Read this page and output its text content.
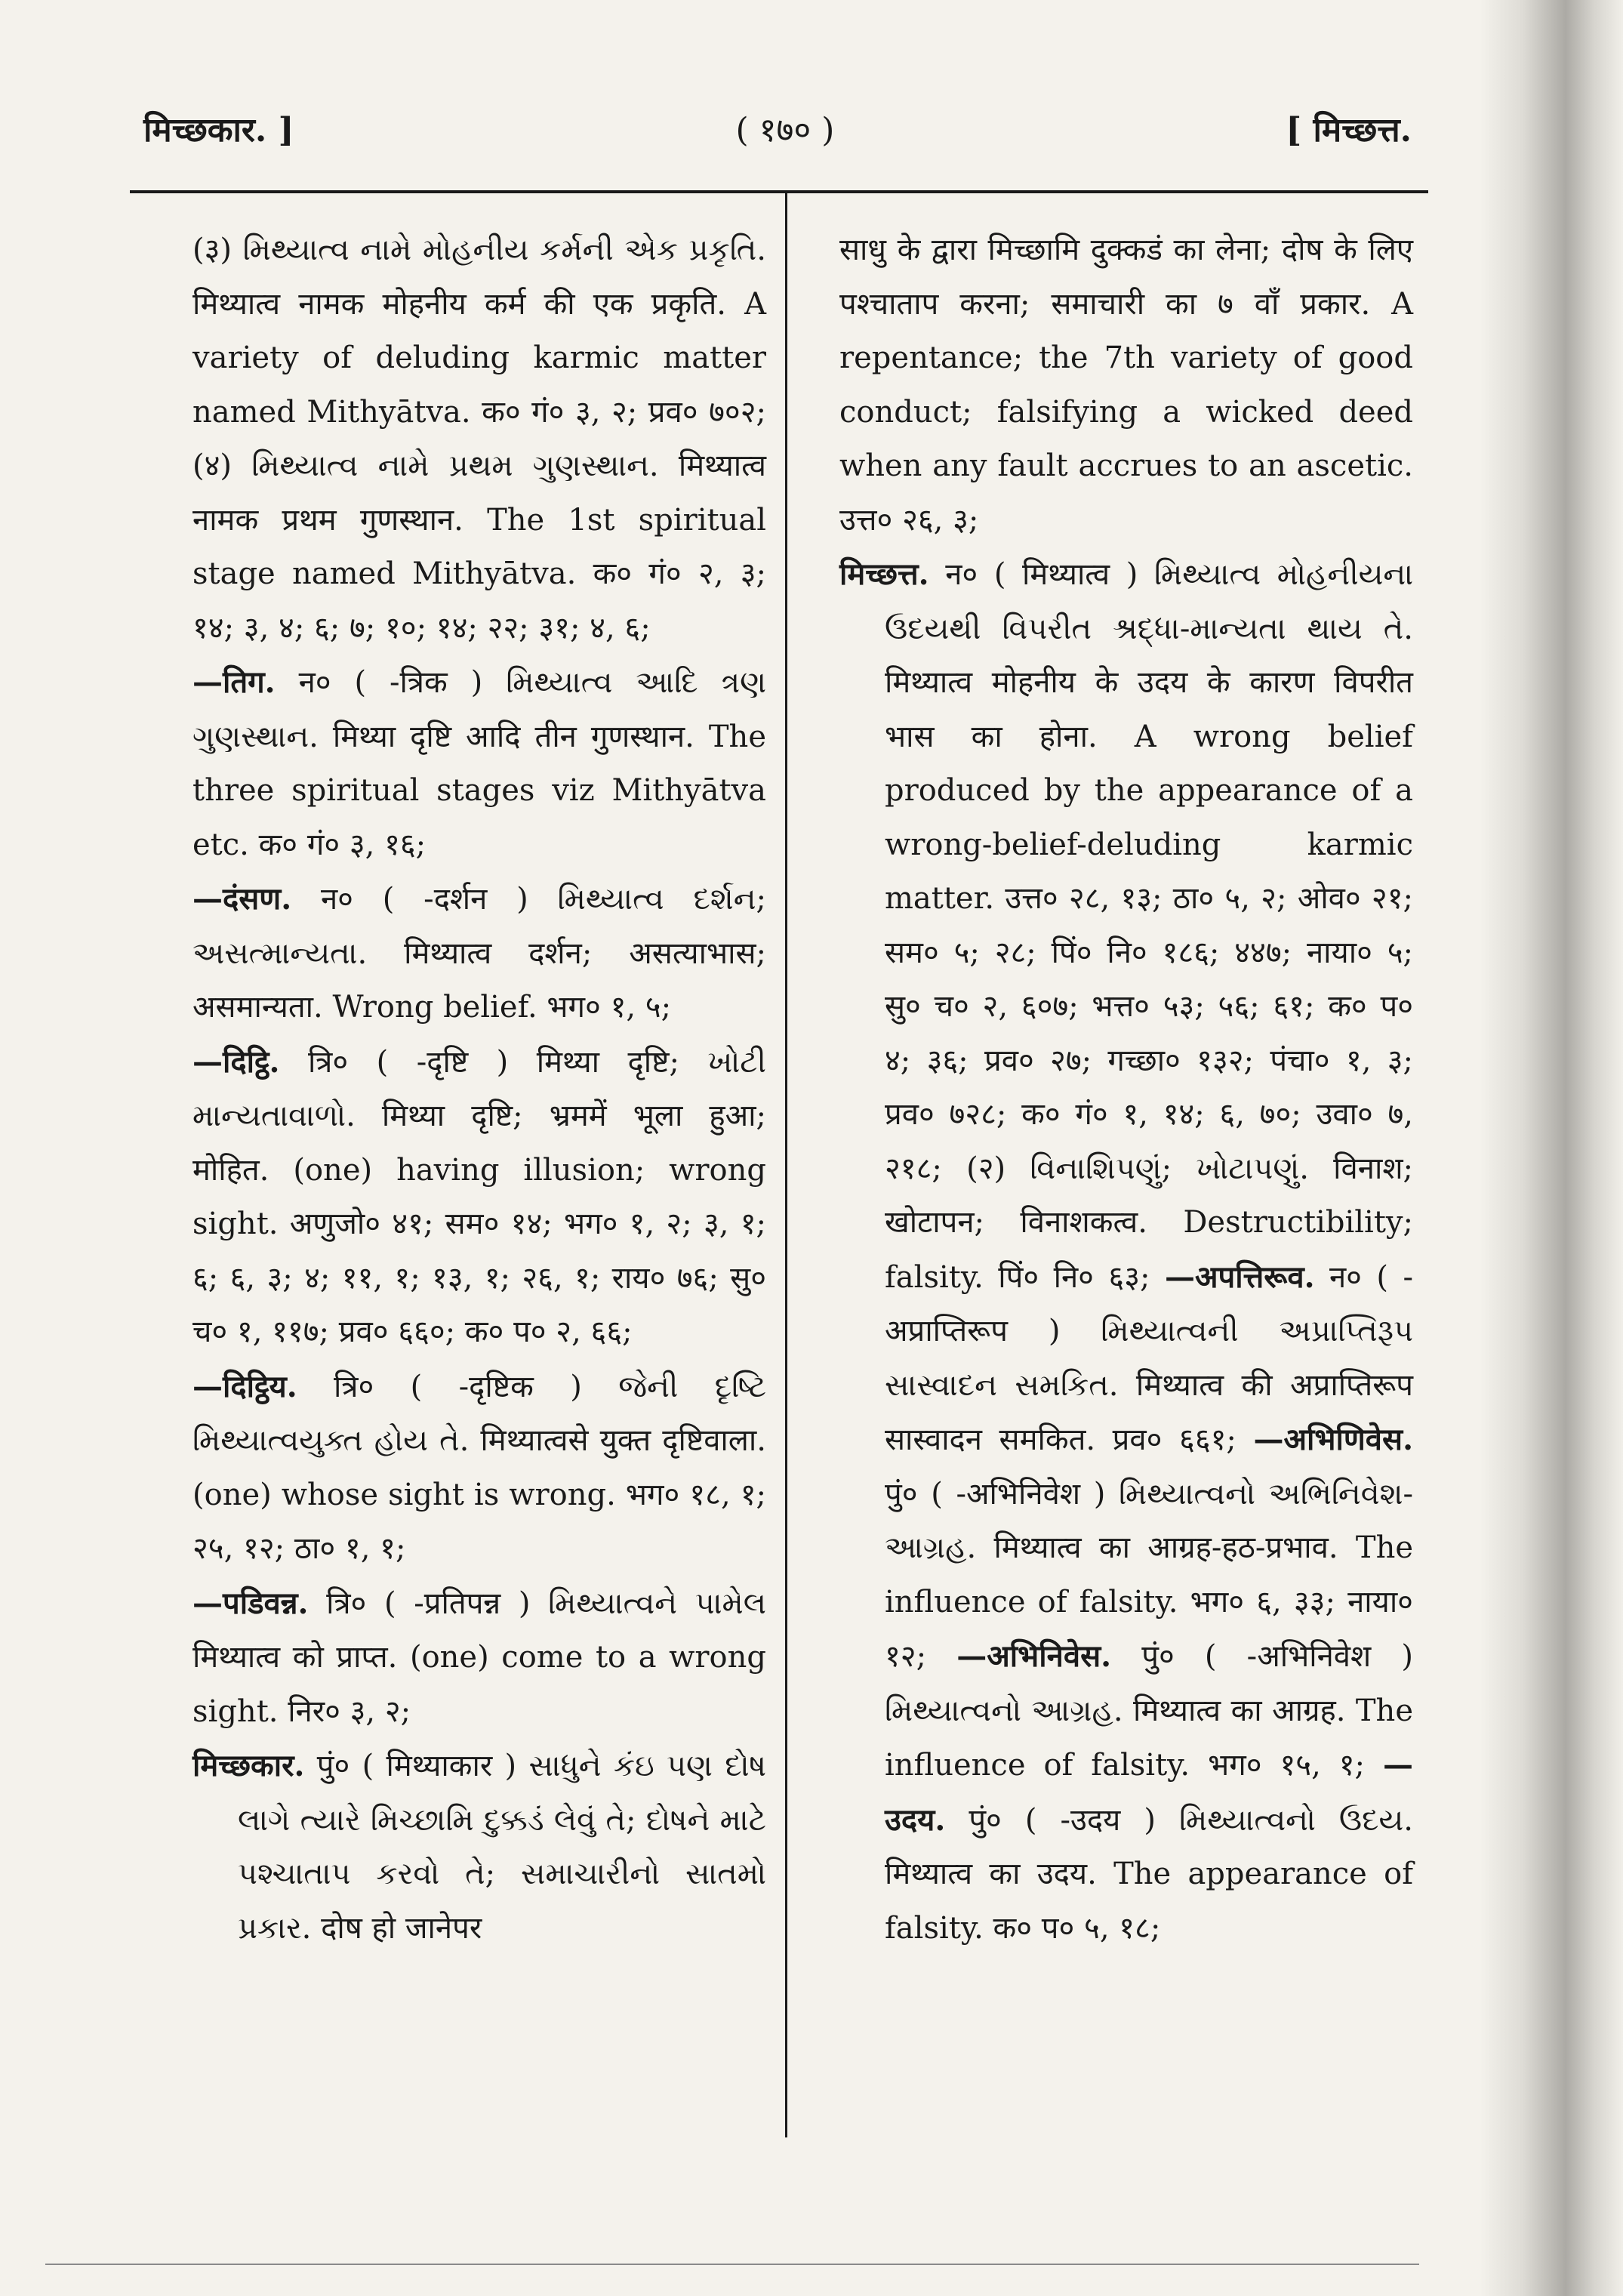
मिच्छकार. ]	( १७० )	[ मिच्छत्त.

(३) મિથ્યાત્વ નામે મોહનીય કર્મની એક પ્રકૃતિ. मिथ्यात्व नामक मोहनीय कर्म की एक प्रकृति. A variety of deluding karmic matter named Mithyātva. क० गं० ३, २; प्रव० ७०२; (४) મિથ્યાત્વ નામે પ્રથમ ગુણસ્થાન. मिथ्यात्व नामक प्रथम गुणस्थान. The 1st spiritual stage named Mithyātva. क० गं० २, ३; १४; ३, ४; ६; ७; १०; १४; २२; ३१; ४, ६;

—तिग. न० ( -त्रिक ) મિથ્યાત્વ આદિ ત્રણ ગુણસ્થાન. मिथ्या दृष्टि आदि तीन गुणस्थान. The three spiritual stages viz Mithyātva etc. क० गं० ३, १६;

—दंसण. न० ( -दर्शन ) મિથ્યાત્વ દર્શન; અસત્માન્યતા. मिथ्यात्व दर्शन; असत्याभास; असमान्यता. Wrong belief. भग० १, ५;

—दिट्ठि. त्रि० ( -दृष्टि ) मिथ्या दृष्टि; ખોટી માન્યતાવાળો. मिथ्या दृष्टि; भ्रममें भूला हुआ; मोहित. (one) having illusion; wrong sight. अणुजो० ४१; सम० १४; भग० १, २; ३, १; ६; ६, ३; ४; ११, १; १३, १; २६, १; राय० ७६; सु० च० १, ११७; प्रव० ६६०; क० प० २, ६६;

—दिट्ठिय. त्रि० ( -दृष्टिक ) જેની દૃષ્ટિ મિથ્યાત્વયુક્ત હોય તે. मिथ्यात्वसे युक्त दृष्टिवाला. (one) whose sight is wrong. भग० १८, १; २५, १२; ठा० १, १;

—पडिवन्न. त्रि० ( -प्रतिपन्न ) મિથ્યાત્વને પામેલ मिथ्यात्व को प्राप्त. (one) come to a wrong sight. निर० ३, २;

मिच्छकार. पुं० ( मिथ्याकार ) સાધુને કંઇ પણ દોષ લાગે ત્યારે મિચ્છામિ દુક્કડં લેવું તે; દોષને માટે પશ્ચાતાપ કરવો તે; સમાચારીનો સાતમો પ્રકાર. दोष हो जानेपर

साधु के द्वारा मिच्छामि दुक्कडं का लेना; दोष के लिए पश्चाताप करना; समाचारी का ७ वाँ प्रकार. A repentance; the 7th variety of good conduct; falsifying a wicked deed when any fault accrues to an ascetic. उत्त० २६, ३;

मिच्छत्त. न० ( मिथ्यात्व ) મિથ્યાત્વ મોહનીયના ઉદયથી વિપરીત શ્રદ્ધા-માન્યતા થાય તે. मिथ्यात्व मोहनीय के उदय के कारण विपरीत भास का होना. A wrong belief produced by the appearance of a wrong-belief-deluding karmic matter. उत्त० २८, १३; ठा० ५, २; ओव० २१; सम० ५; २८; पिं० नि० १८६; ४४७; नाया० ५; सु० च० २, ६०७; भत्त० ५३; ५६; ६१; क० प० ४; ३६; प्रव० २७; गच्छा० १३२; पंचा० १, ३; प्रव० ७२८; क० गं० १, १४; ६, ७०; उवा० ७, २१८; (२) વિનાશિપણું; ખોટાપણું. विनाश; खोटापन; विनाशकत्व. Destructibility; falsity. पिं० नि० ६३; —अपत्तिरूव. न० ( -अप्राप्तिरूप ) મિથ્યાત્વની અપ્રાપ્તિરૂપ સાસ્વાદન સમકિત. मिथ्यात्व की अप्राप्तिरूप सास्वादन समकित. प्रव० ६६१; —अभिणिवेस. पुं० ( -अभिनिवेश ) મિથ્યાત્વનો અભિનિવેશ-આગ્રહ. मिथ्यात्व का आग्रह-हठ-प्रभाव. The influence of falsity. भग० ६, ३३; नाया० १२; —अभिनिवेस. पुं० ( -अभिनिवेश ) મિથ્યાત્વનો આગ્રહ. मिथ्यात्व का आग्रह. The influence of falsity. भग० १५, १; —उदय. पुं० ( -उदय ) મિથ્યાત્વનો ઉદય. मिथ्यात्व का उदय. The appearance of falsity. क० प० ५, १८;
